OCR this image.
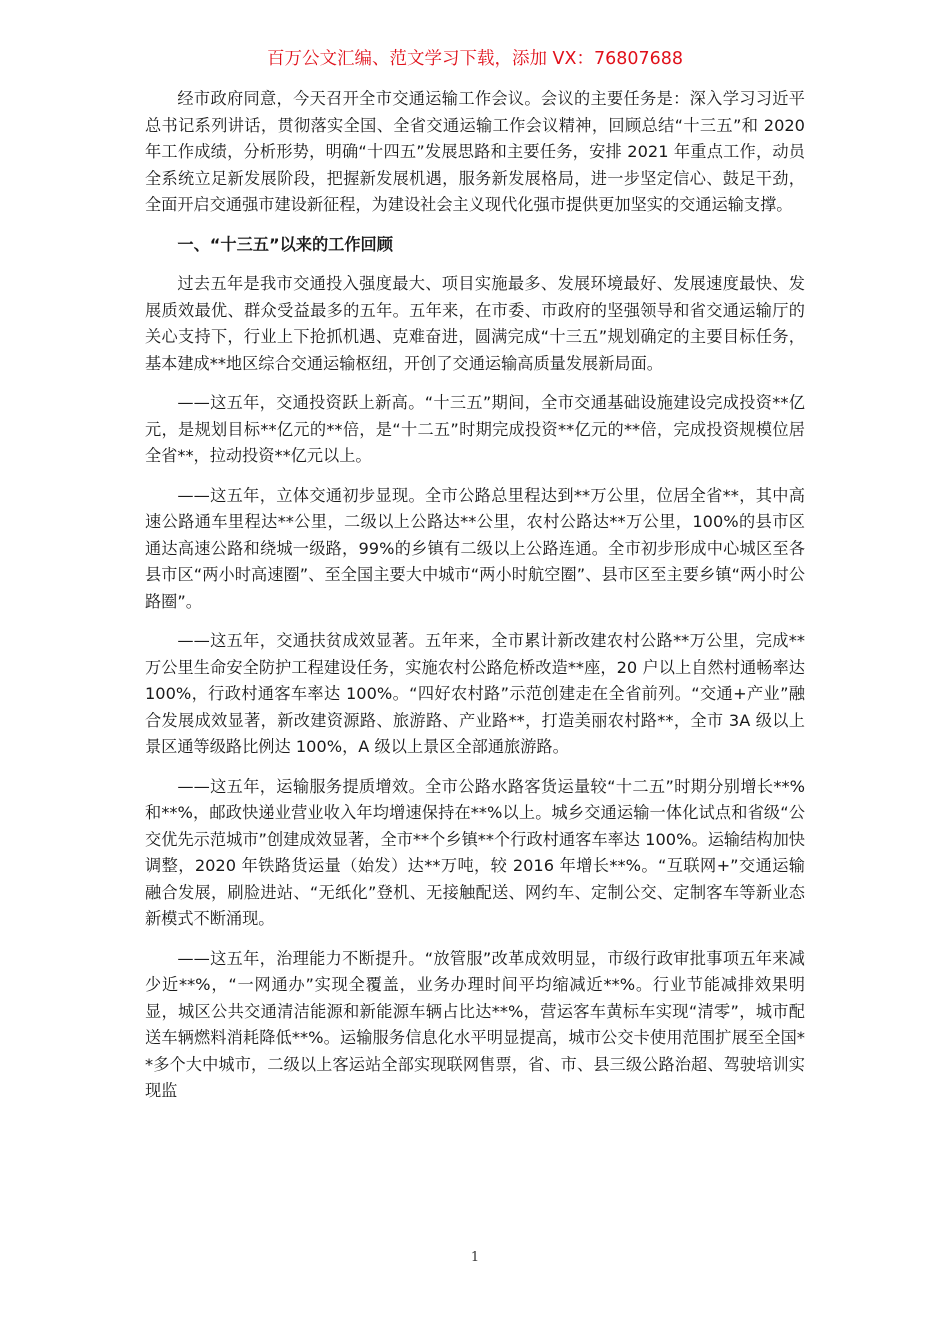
百万公文汇编、范文学习下载，添加 VX：76807688

经市政府同意，今天召开全市交通运输工作会议。会议的主要任务是：深入学习习近平总书记系列讲话，贯彻落实全国、全省交通运输工作会议精神，回顾总结“十三五”和 2020 年工作成绩，分析形势，明确“十四五”发展思路和主要任务，安排 2021 年重点工作，动员全系统立足新发展阶段，把握新发展机遇，服务新发展格局，进一步坚定信心、鼓足干劲，全面开启交通强市建设新征程，为建设社会主义现代化强市提供更加坚实的交通运输支撑。

一、“十三五”以来的工作回顾

过去五年是我市交通投入强度最大、项目实施最多、发展环境最好、发展速度最快、发展质效最优、群众受益最多的五年。五年来，在市委、市政府的坚强领导和省交通运输厅的关心支持下，行业上下抢抓机遇、克难奋进，圆满完成“十三五”规划确定的主要目标任务，基本建成**地区综合交通运输枢纽，开创了交通运输高质量发展新局面。

——这五年，交通投资跃上新高。“十三五”期间，全市交通基础设施建设完成投资**亿元，是规划目标**亿元的**倍，是“十二五”时期完成投资**亿元的**倍，完成投资规模位居全省**，拉动投资**亿元以上。

——这五年，立体交通初步显现。全市公路总里程达到**万公里，位居全省**，其中高速公路通车里程达**公里，二级以上公路达**公里，农村公路达**万公里，100%的县市区通达高速公路和绕城一级路，99%的乡镇有二级以上公路连通。全市初步形成中心城区至各县市区“两小时高速圈”、至全国主要大中城市“两小时航空圈”、县市区至主要乡镇“两小时公路圈”。

——这五年，交通扶贫成效显著。五年来，全市累计新改建农村公路**万公里，完成**万公里生命安全防护工程建设任务，实施农村公路危桥改造**座，20 户以上自然村通畅率达 100%，行政村通客车率达 100%。“四好农村路”示范创建走在全省前列。“交通+产业”融合发展成效显著，新改建资源路、旅游路、产业路**，打造美丽农村路**，全市 3A 级以上景区通等级路比例达 100%，A 级以上景区全部通旅游路。

——这五年，运输服务提质增效。全市公路水路客货运量较“十二五”时期分别增长**%和**%，邮政快递业营业收入年均增速保持在**%以上。城乡交通运输一体化试点和省级“公交优先示范城市”创建成效显著，全市**个乡镇**个行政村通客车率达 100%。运输结构加快调整，2020 年铁路货运量（始发）达**万吨，较 2016 年增长**%。“互联网+”交通运输融合发展，刷脸进站、“无纸化”登机、无接触配送、网约车、定制公交、定制客车等新业态新模式不断涌现。

——这五年，治理能力不断提升。“放管服”改革成效明显，市级行政审批事项五年来减少近**%，“一网通办”实现全覆盖，业务办理时间平均缩减近**%。行业节能减排效果明显，城区公共交通清洁能源和新能源车辆占比达**%，营运客车黄标车实现“清零”，城市配送车辆燃料消耗降低**%。运输服务信息化水平明显提高，城市公交卡使用范围扩展至全国**多个大中城市，二级以上客运站全部实现联网售票，省、市、县三级公路治超、驾驶培训实现监

1
